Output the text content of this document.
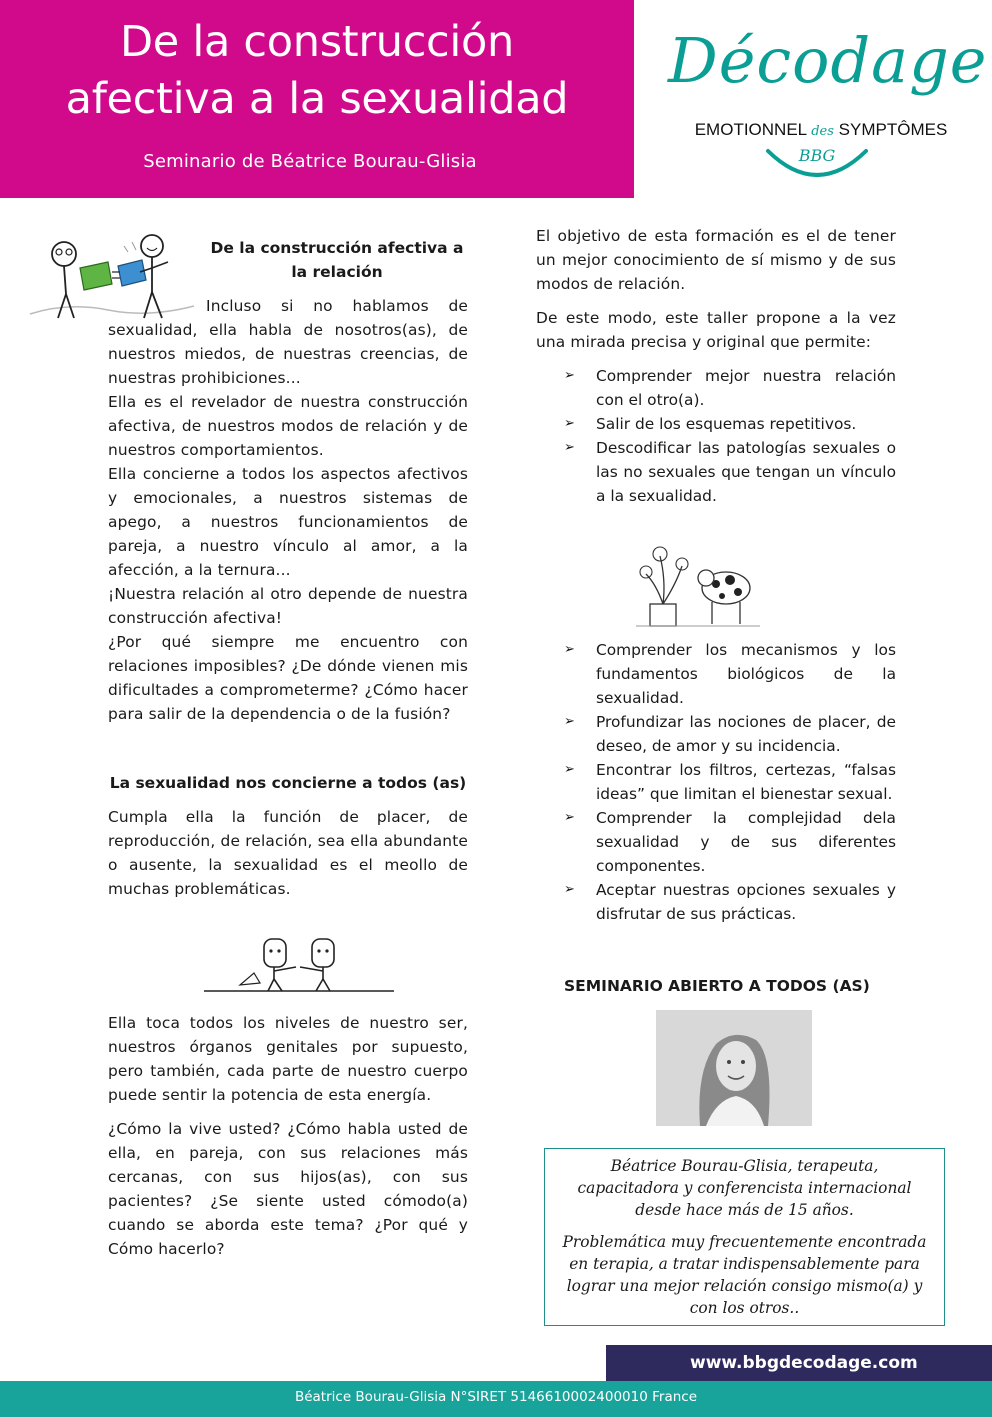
De la construcción
afectiva a la sexualidad
Seminario de Béatrice Bourau-Glisia
Décodage
EMOTIONNEL des SYMPTÔMES
BBG
De la construcción afectiva a la relación

Incluso si no hablamos de sexualidad, ella habla de nosotros(as), de nuestros miedos, de nuestras creencias, de nuestras prohibiciones...

Ella es el revelador de nuestra construcción afectiva, de nuestros modos de relación y de nuestros comportamientos.

Ella concierne a todos los aspectos afectivos y emocionales, a nuestros sistemas de apego, a nuestros funcionamientos de pareja, a nuestro vínculo al amor, a la afección, a la ternura...

¡Nuestra relación al otro depende de nuestra construcción afectiva!

¿Por qué siempre me encuentro con relaciones imposibles? ¿De dónde vienen mis dificultades a comprometerme? ¿Cómo hacer para salir de la dependencia o de la fusión?

La sexualidad nos concierne a todos (as)

Cumpla ella la función de placer, de reproducción, de relación, sea ella abundante o ausente, la sexualidad es el meollo de muchas problemáticas.

Ella toca todos los niveles de nuestro ser, nuestros órganos genitales por supuesto, pero también, cada parte de nuestro cuerpo puede sentir la potencia de esta energía.

¿Cómo la vive usted? ¿Cómo habla usted de ella, en pareja, con sus relaciones más cercanas, con sus hijos(as), con sus pacientes? ¿Se siente usted cómodo(a) cuando se aborda este tema? ¿Por qué y Cómo hacerlo?

El objetivo de esta formación es el de tener un mejor conocimiento de sí mismo y de sus modos de relación.

De este modo, este taller propone a la vez una mirada precisa y original que permite:

➢ Comprender mejor nuestra relación con el otro(a).
➢ Salir de los esquemas repetitivos.
➢ Descodificar las patologías sexuales o las no sexuales que tengan un vínculo a la sexualidad.
➢ Comprender los mecanismos y los fundamentos biológicos de la sexualidad.
➢ Profundizar las nociones de placer, de deseo, de amor y su incidencia.
➢ Encontrar los filtros, certezas, “falsas ideas” que limitan el bienestar sexual.
➢ Comprender la complejidad dela sexualidad y de sus diferentes componentes.
➢ Aceptar nuestras opciones sexuales y disfrutar de sus prácticas.
SEMINARIO ABIERTO A TODOS (AS)

Béatrice Bourau-Glisia, terapeuta, capacitadora y conferencista internacional desde hace más de 15 años.

Problemática muy frecuentemente encontrada en terapia, a tratar indispensablemente para lograr una mejor relación consigo mismo(a) y con los otros..

www.bbgdecodage.com
Béatrice Bourau-Glisia N°SIRET 5146610002400010 France
